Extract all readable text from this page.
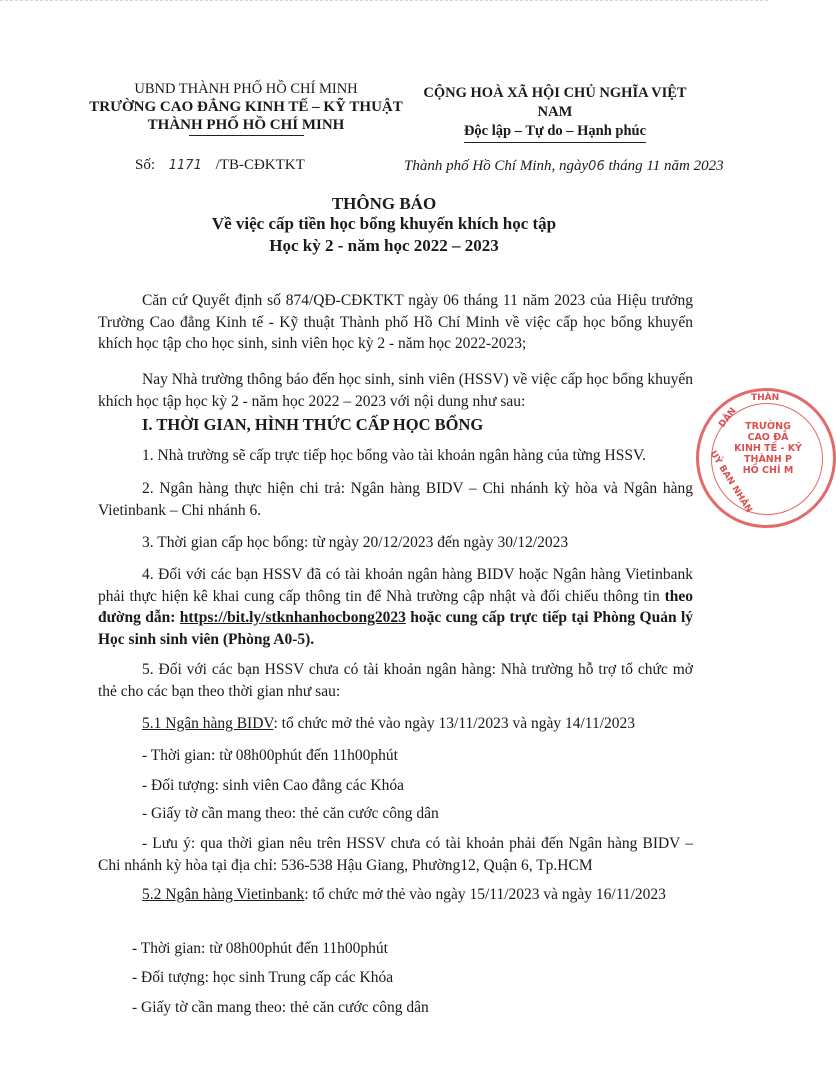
UBND THÀNH PHỐ HỒ CHÍ MINH
TRƯỜNG CAO ĐẲNG KINH TẾ – KỸ THUẬT
THÀNH PHỐ HỒ CHÍ MINH
CỘNG HOÀ XÃ HỘI CHỦ NGHĨA VIỆT NAM
Độc lập – Tự do – Hạnh phúc
Số: 1171 /TB-CĐKTKT	Thành phố Hồ Chí Minh, ngày06 tháng 11 năm 2023
THÔNG BÁO
Về việc cấp tiền học bổng khuyến khích học tập
Học kỳ 2 - năm học 2022 – 2023
Căn cứ Quyết định số 874/QĐ-CĐKTKT ngày 06 tháng 11 năm 2023 của Hiệu trưởng Trường Cao đẳng Kinh tế - Kỹ thuật Thành phố Hồ Chí Minh về việc cấp học bổng khuyến khích học tập cho học sinh, sinh viên học kỳ 2 - năm học 2022-2023;
Nay Nhà trường thông báo đến học sinh, sinh viên (HSSV) về việc cấp học bổng khuyến khích học tập học kỳ 2 - năm học 2022 – 2023 với nội dung như sau:
I. THỜI GIAN, HÌNH THỨC CẤP HỌC BỔNG
1. Nhà trường sẽ cấp trực tiếp học bổng vào tài khoản ngân hàng của từng HSSV.
2. Ngân hàng thực hiện chi trả: Ngân hàng BIDV – Chi nhánh kỳ hòa và Ngân hàng Vietinbank – Chi nhánh 6.
3. Thời gian cấp học bổng: từ ngày 20/12/2023 đến ngày 30/12/2023
4. Đối với các bạn HSSV đã có tài khoản ngân hàng BIDV hoặc Ngân hàng Vietinbank phải thực hiện kê khai cung cấp thông tin để Nhà trường cập nhật và đối chiếu thông tin theo đường dẫn: https://bit.ly/stknhanhocbong2023 hoặc cung cấp trực tiếp tại Phòng Quản lý Học sinh sinh viên (Phòng A0-5).
5. Đối với các bạn HSSV chưa có tài khoản ngân hàng: Nhà trường hỗ trợ tổ chức mở thẻ cho các bạn theo thời gian như sau:
5.1 Ngân hàng BIDV: tổ chức mở thẻ vào ngày 13/11/2023 và ngày 14/11/2023
- Thời gian: từ 08h00phút đến 11h00phút
- Đối tượng: sinh viên Cao đẳng các Khóa
- Giấy tờ cần mang theo: thẻ căn cước công dân
- Lưu ý: qua thời gian nêu trên HSSV chưa có tài khoản phải đến Ngân hàng BIDV – Chi nhánh kỳ hòa tại địa chỉ: 536-538 Hậu Giang, Phường12, Quận 6, Tp.HCM
5.2 Ngân hàng Vietinbank: tổ chức mở thẻ vào ngày 15/11/2023 và ngày 16/11/2023
- Thời gian: từ 08h00phút đến 11h00phút
- Đối tượng: học sinh Trung cấp các Khóa
- Giấy tờ cần mang theo: thẻ căn cước công dân
DÂN
THÀN
TRƯỜNG
CAO ĐẲ
KINH TẾ - KỸ
THÀNH P
HỒ CHÍ M
UỶ BAN NHÂN
